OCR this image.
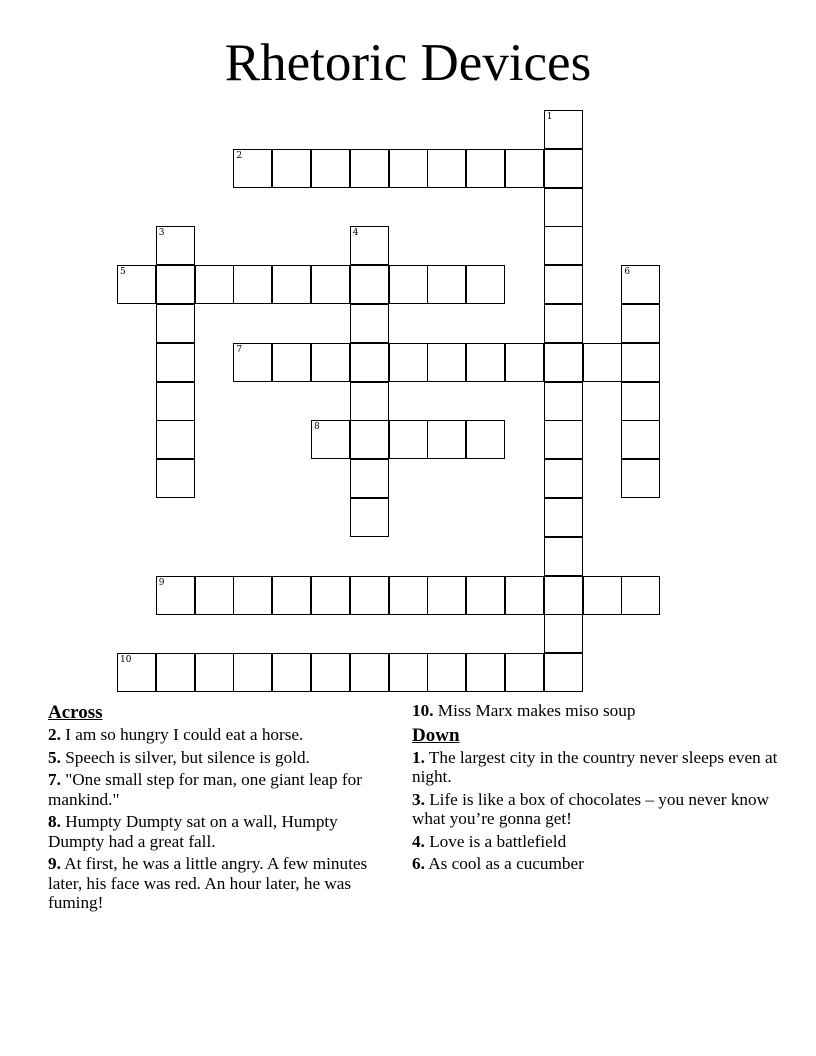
Rhetoric Devices
1
2
3	4
5	6
7
8
9
10
Across
2. I am so hungry I could eat a horse.
5. Speech is silver, but silence is gold.
7. "One small step for man, one giant leap for mankind."
8. Humpty Dumpty sat on a wall, Humpty Dumpty had a great fall.
9. At first, he was a little angry. A few minutes later, his face was red. An hour later, he was fuming!
10. Miss Marx makes miso soup
Down
1. The largest city in the country never sleeps even at night.
3. Life is like a box of chocolates – you never know what you’re gonna get!
4. Love is a battlefield
6. As cool as a cucumber
